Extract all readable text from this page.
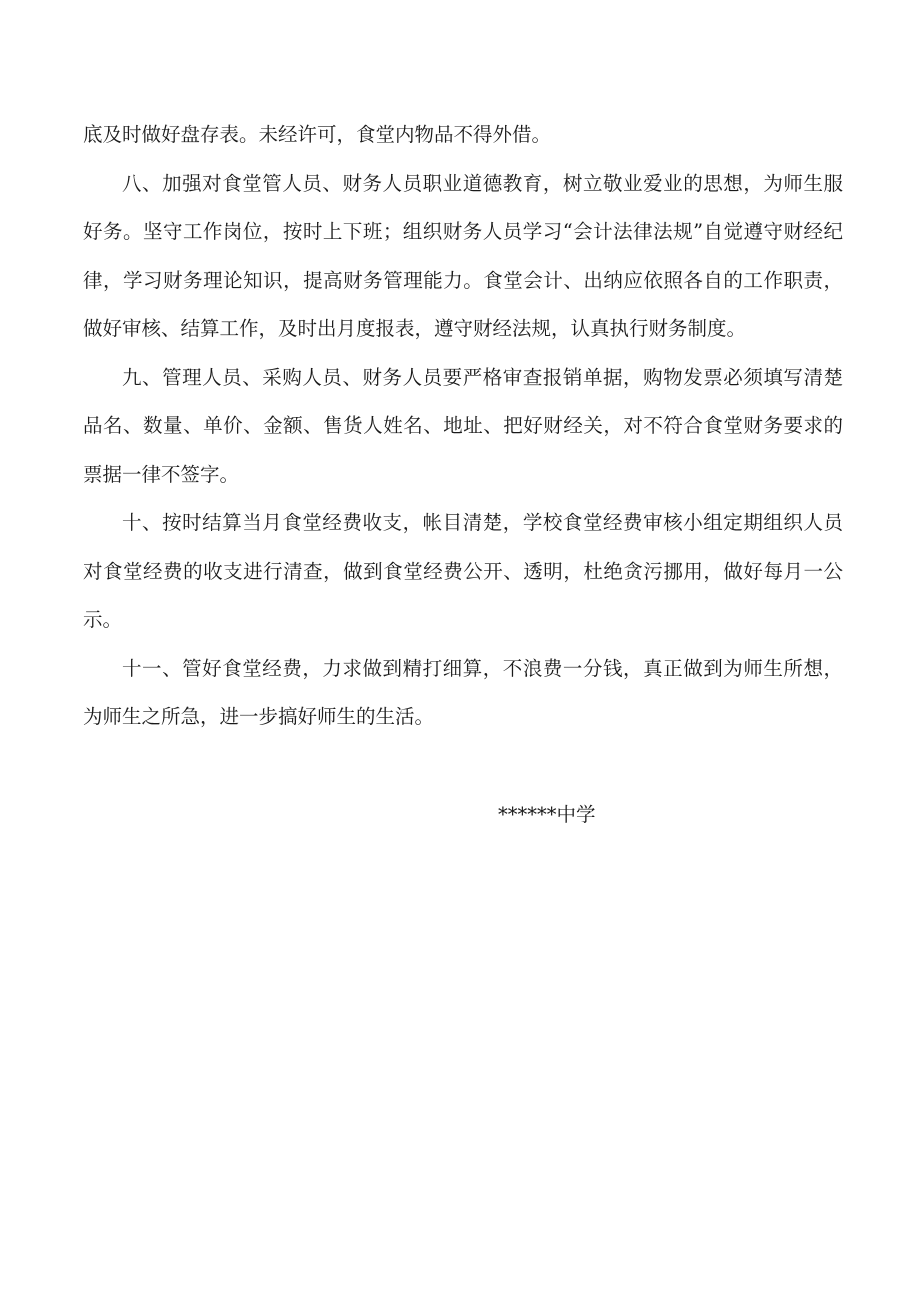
底及时做好盘存表。未经许可，食堂内物品不得外借。

八、加强对食堂管人员、财务人员职业道德教育，树立敬业爱业的思想，为师生服好务。坚守工作岗位，按时上下班；组织财务人员学习“会计法律法规”自觉遵守财经纪律，学习财务理论知识，提高财务管理能力。食堂会计、出纳应依照各自的工作职责，做好审核、结算工作，及时出月度报表，遵守财经法规，认真执行财务制度。

九、管理人员、采购人员、财务人员要严格审查报销单据，购物发票必须填写清楚品名、数量、单价、金额、售货人姓名、地址、把好财经关，对不符合食堂财务要求的票据一律不签字。

十、按时结算当月食堂经费收支，帐目清楚，学校食堂经费审核小组定期组织人员对食堂经费的收支进行清查，做到食堂经费公开、透明，杜绝贪污挪用，做好每月一公示。

十一、管好食堂经费，力求做到精打细算，不浪费一分钱，真正做到为师生所想，为师生之所急，进一步搞好师生的生活。

******中学
